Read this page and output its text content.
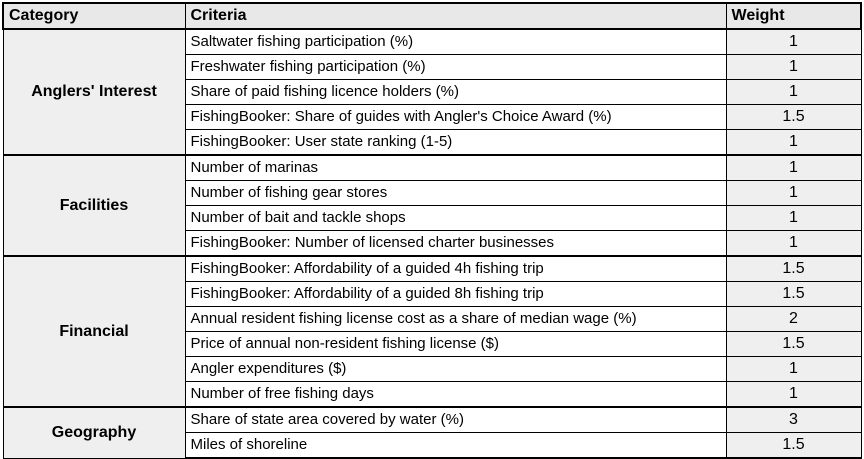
Category	Criteria	Weight
Anglers' Interest	Saltwater fishing participation (%)	1
	Freshwater fishing participation (%)	1
	Share of paid fishing licence holders (%)	1
	FishingBooker: Share of guides with Angler's Choice Award (%)	1.5
	FishingBooker: User state ranking (1-5)	1
Facilities	Number of marinas	1
	Number of fishing gear stores	1
	Number of bait and tackle shops	1
	FishingBooker: Number of licensed charter businesses	1
Financial	FishingBooker: Affordability of a guided 4h fishing trip	1.5
	FishingBooker: Affordability of a guided 8h fishing trip	1.5
	Annual resident fishing license cost as a share of median wage (%)	2
	Price of annual non-resident fishing license ($)	1.5
	Angler expenditures ($)	1
	Number of free fishing days	1
Geography	Share of state area covered by water (%)	3
	Miles of shoreline	1.5
